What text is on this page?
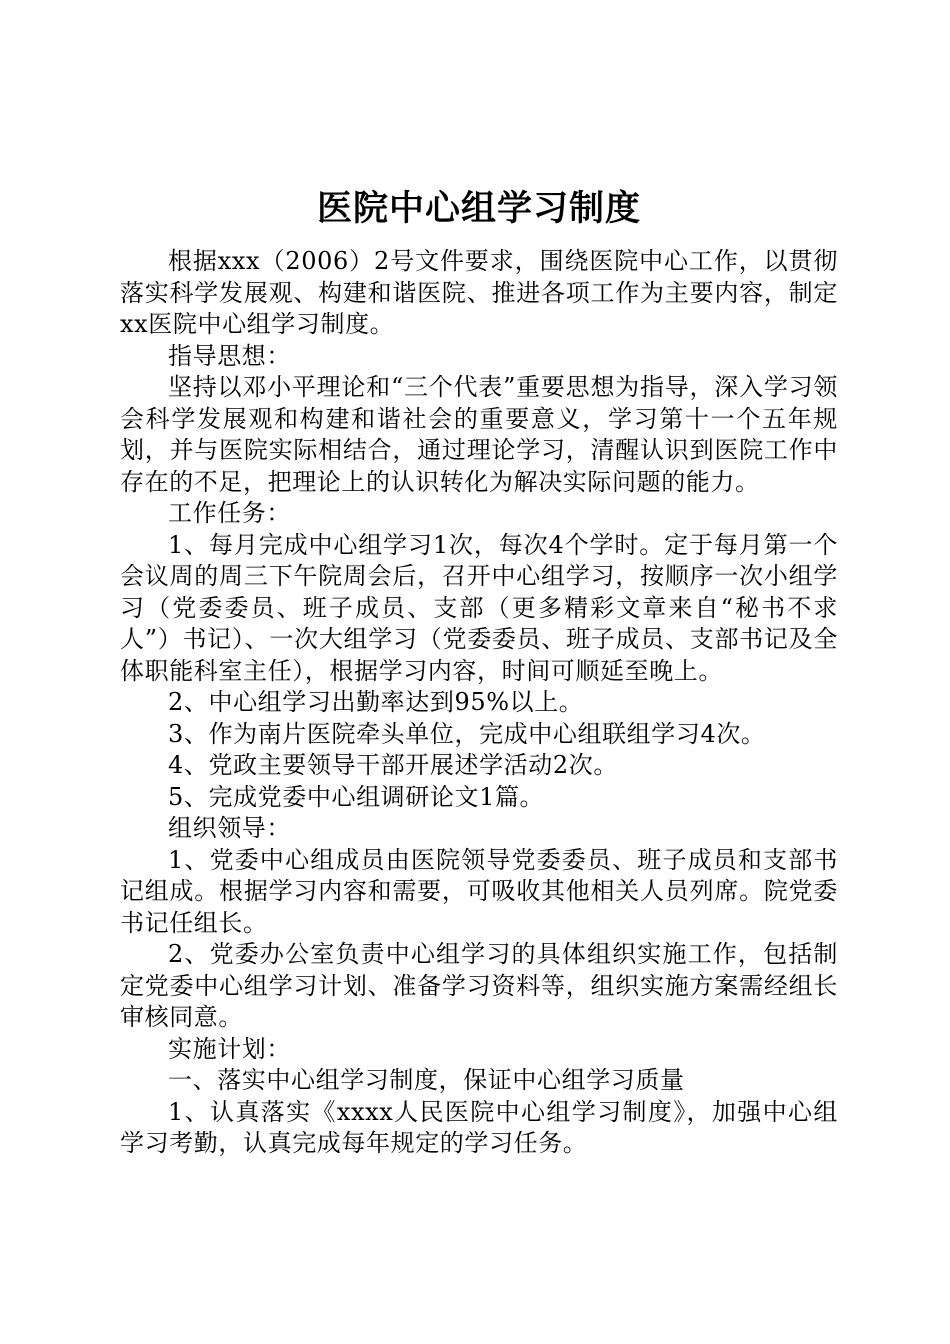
医院中心组学习制度

根据xxx（2006）2号文件要求，围绕医院中心工作，以贯彻落实科学发展观、构建和谐医院、推进各项工作为主要内容，制定xx医院中心组学习制度。

指导思想：

坚持以邓小平理论和“三个代表”重要思想为指导，深入学习领会科学发展观和构建和谐社会的重要意义，学习第十一个五年规划，并与医院实际相结合，通过理论学习，清醒认识到医院工作中存在的不足，把理论上的认识转化为解决实际问题的能力。

工作任务：

1、每月完成中心组学习1次，每次4个学时。定于每月第一个会议周的周三下午院周会后，召开中心组学习，按顺序一次小组学习（党委委员、班子成员、支部（更多精彩文章来自“秘书不求人”）书记）、一次大组学习（党委委员、班子成员、支部书记及全体职能科室主任），根据学习内容，时间可顺延至晚上。

2、中心组学习出勤率达到95%以上。

3、作为南片医院牵头单位，完成中心组联组学习4次。

4、党政主要领导干部开展述学活动2次。

5、完成党委中心组调研论文1篇。

组织领导：

1、党委中心组成员由医院领导党委委员、班子成员和支部书记组成。根据学习内容和需要，可吸收其他相关人员列席。院党委书记任组长。

2、党委办公室负责中心组学习的具体组织实施工作，包括制定党委中心组学习计划、准备学习资料等，组织实施方案需经组长审核同意。

实施计划：

一、落实中心组学习制度，保证中心组学习质量

1、认真落实《xxxx人民医院中心组学习制度》，加强中心组学习考勤，认真完成每年规定的学习任务。
